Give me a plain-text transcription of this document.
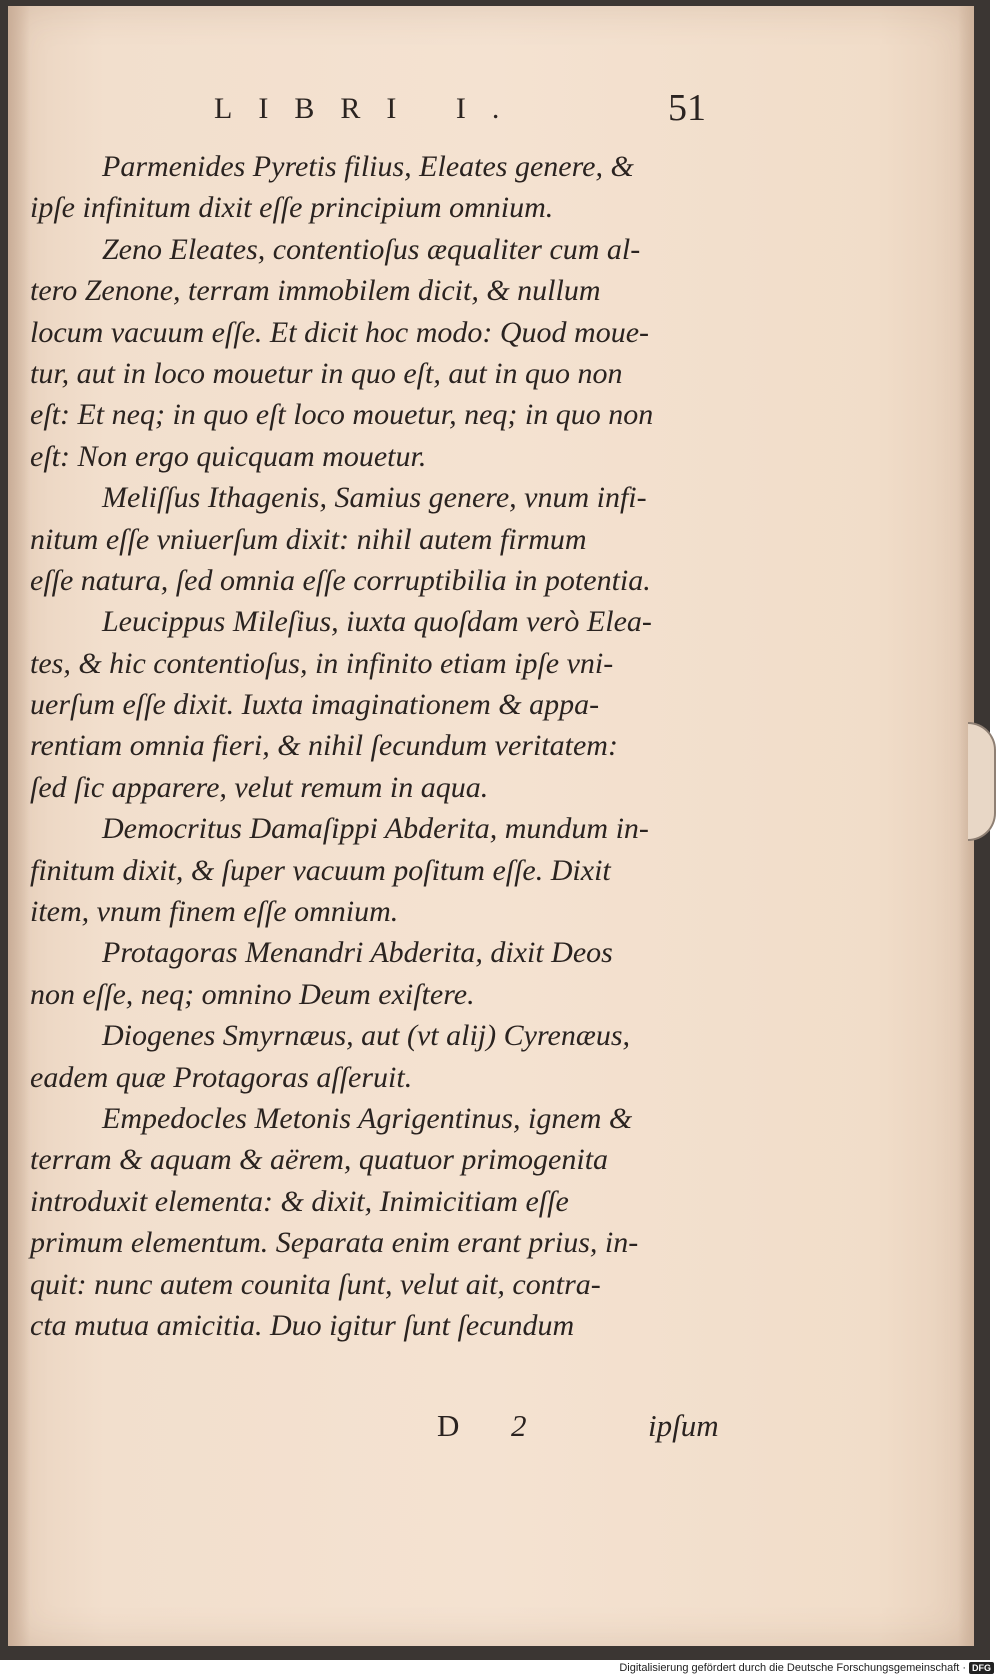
LIBRI I.	51
Parmenides Pyretis filius, Eleates genere, &
ipſe infinitum dixit eſſe principium omnium.
Zeno Eleates, contentioſus æqualiter cum al-
tero Zenone, terram immobilem dicit, & nullum
locum vacuum eſſe. Et dicit hoc modo: Quod moue-
tur, aut in loco mouetur in quo eſt, aut in quo non
eſt: Et neq; in quo eſt loco mouetur, neq; in quo non
eſt: Non ergo quicquam mouetur.
Meliſſus Ithagenis, Samius genere, vnum infi-
nitum eſſe vniuerſum dixit: nihil autem firmum
eſſe natura, ſed omnia eſſe corruptibilia in potentia.
Leucippus Mileſius, iuxta quoſdam verò Elea-
tes, & hic contentioſus, in infinito etiam ipſe vni-
uerſum eſſe dixit. Iuxta imaginationem & appa-
rentiam omnia fieri, & nihil ſecundum veritatem:
ſed ſic apparere, velut remum in aqua.
Democritus Damaſippi Abderita, mundum in-
finitum dixit, & ſuper vacuum poſitum eſſe. Dixit
item, vnum finem eſſe omnium.
Protagoras Menandri Abderita, dixit Deos
non eſſe, neq; omnino Deum exiſtere.
Diogenes Smyrnæus, aut (vt alij) Cyrenæus,
eadem quæ Protagoras aſſeruit.
Empedocles Metonis Agrigentinus, ignem &
terram & aquam & aërem, quatuor primogenita
introduxit elementa: & dixit, Inimicitiam eſſe
primum elementum. Separata enim erant prius, in-
quit: nunc autem counita ſunt, velut ait, contra-
cta mutua amicitia. Duo igitur ſunt ſecundum
D 2	ipſum
Digitalisierung gefördert durch die Deutsche Forschungsgemeinschaft · DFG
